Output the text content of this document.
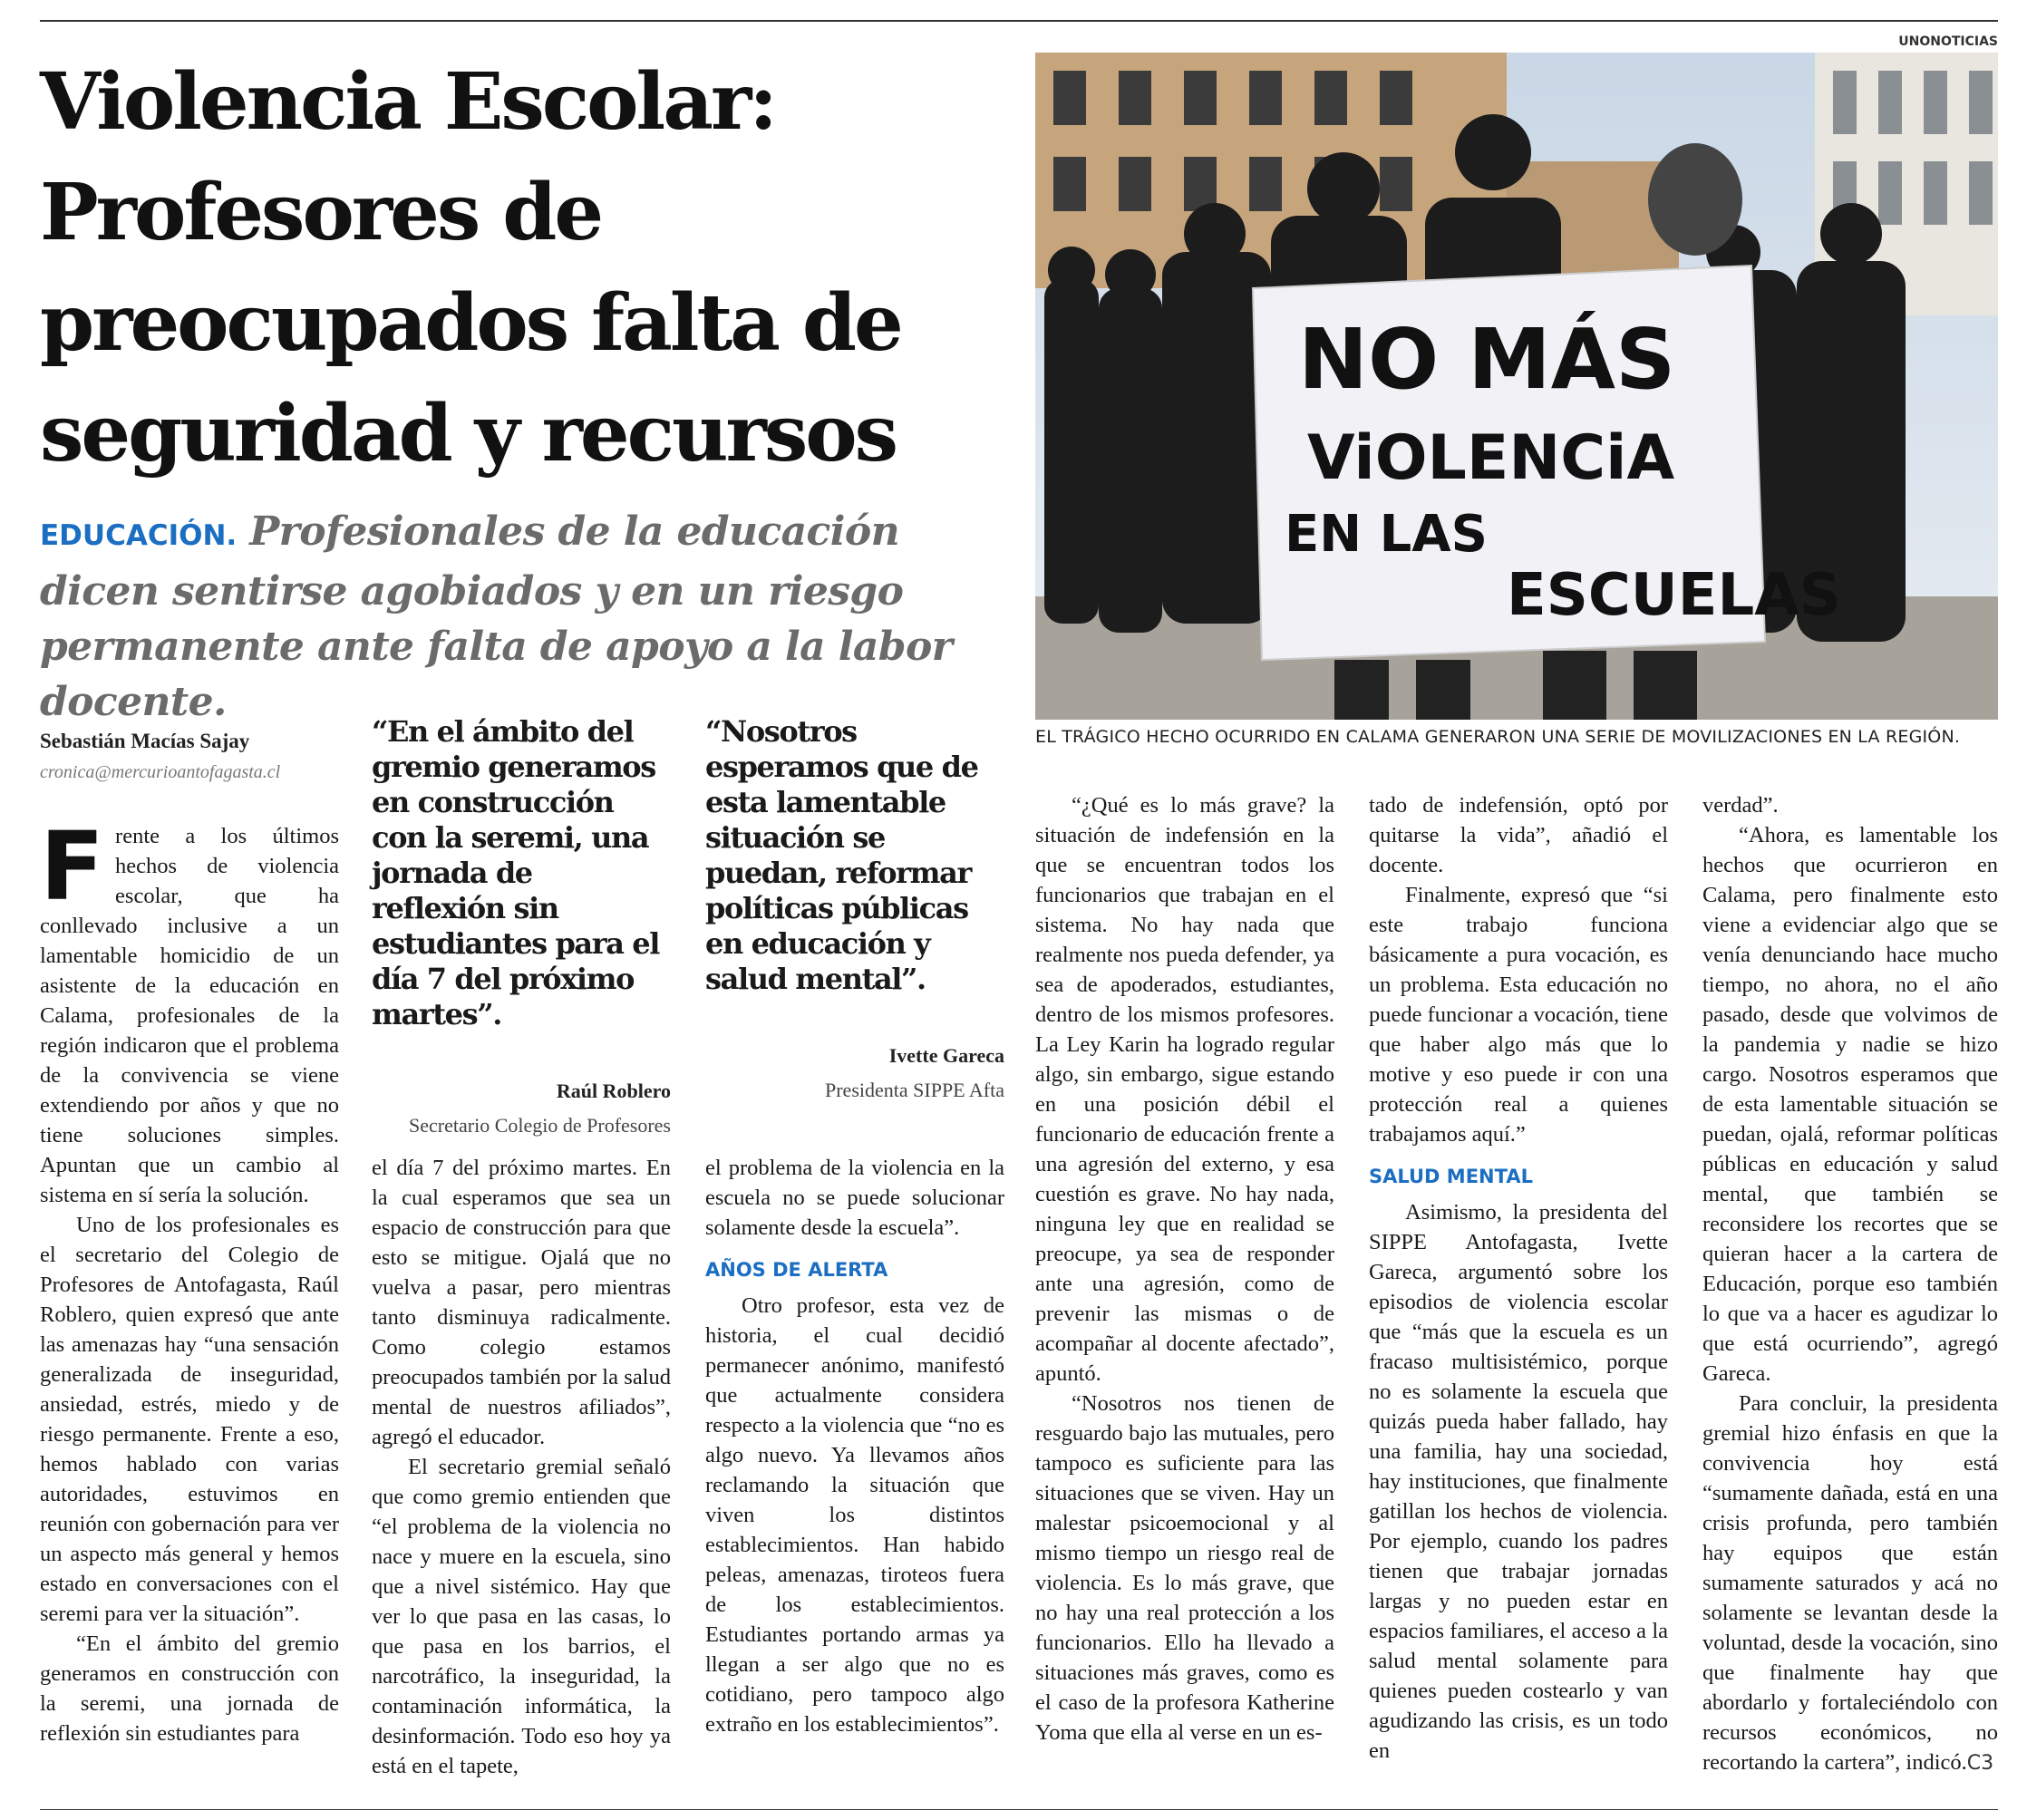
Violencia Escolar: Profesores de preocupados falta de seguridad y recursos
EDUCACIÓN. Profesionales de la educación dicen sentirse agobiados y en un riesgo permanente ante falta de apoyo a la labor docente.
Sebastián Macías Sajay
cronica@mercurioantofagasta.cl
“En el ámbito del gremio generamos en construcción con la seremi, una jornada de reflexión sin estudiantes para el día 7 del próximo martes”.
Raúl Roblero
Secretario Colegio de Profesores
“Nosotros esperamos que de esta lamentable situación se puedan, reformar políticas públicas en educación y salud mental”.
Ivette Gareca
Presidenta SIPPE Afta
UNONOTICIAS
NO MÁS
ViOLENCiA
EN LAS
ESCUELAS
EL TRÁGICO HECHO OCURRIDO EN CALAMA GENERARON UNA SERIE DE MOVILIZACIONES EN LA REGIÓN.

Frente a los últimos hechos de violencia escolar, que ha conllevado inclusive a un lamentable homicidio de un asistente de la educación en Calama, profesionales de la región indicaron que el problema de la convivencia se viene extendiendo por años y que no tiene soluciones simples. Apuntan que un cambio al sistema en sí sería la solución.

Uno de los profesionales es el secretario del Colegio de Profesores de Antofagasta, Raúl Roblero, quien expresó que ante las amenazas hay “una sensación generalizada de inseguridad, ansiedad, estrés, miedo y de riesgo permanente. Frente a eso, hemos hablado con varias autoridades, estuvimos en reunión con gobernación para ver un aspecto más general y hemos estado en conversaciones con el seremi para ver la situación”.

“En el ámbito del gremio generamos en construcción con la seremi, una jornada de reflexión sin estudiantes para

el día 7 del próximo martes. En la cual esperamos que sea un espacio de construcción para que esto se mitigue. Ojalá que no vuelva a pasar, pero mientras tanto disminuya radicalmente. Como colegio estamos preocupados también por la salud mental de nuestros afiliados”, agregó el educador.

El secretario gremial señaló que como gremio entienden que “el problema de la violencia no nace y muere en la escuela, sino que a nivel sistémico. Hay que ver lo que pasa en las casas, lo que pasa en los barrios, el narcotráfico, la inseguridad, la contaminación informática, la desinformación. Todo eso hoy ya está en el tapete,

el problema de la violencia en la escuela no se puede solucionar solamente desde la escuela”.

AÑOS DE ALERTA

Otro profesor, esta vez de historia, el cual decidió permanecer anónimo, manifestó que actualmente considera respecto a la violencia que “no es algo nuevo. Ya llevamos años reclamando la situación que viven los distintos establecimientos. Han habido peleas, amenazas, tiroteos fuera de los establecimientos. Estudiantes portando armas ya llegan a ser algo que no es cotidiano, pero tampoco algo extraño en los establecimientos”.

“¿Qué es lo más grave? la situación de indefensión en la que se encuentran todos los funcionarios que trabajan en el sistema. No hay nada que realmente nos pueda defender, ya sea de apoderados, estudiantes, dentro de los mismos profesores. La Ley Karin ha logrado regular algo, sin embargo, sigue estando en una posición débil el funcionario de educación frente a una agresión del externo, y esa cuestión es grave. No hay nada, ninguna ley que en realidad se preocupe, ya sea de responder ante una agresión, como de prevenir las mismas o de acompañar al docente afectado”, apuntó.

“Nosotros nos tienen de resguardo bajo las mutuales, pero tampoco es suficiente para las situaciones que se viven. Hay un malestar psicoemocional y al mismo tiempo un riesgo real de violencia. Es lo más grave, que no hay una real protección a los funcionarios. Ello ha llevado a situaciones más graves, como es el caso de la profesora Katherine Yoma que ella al verse en un es-

tado de indefensión, optó por quitarse la vida”, añadió el docente.

Finalmente, expresó que “si este trabajo funciona básicamente a pura vocación, es un problema. Esta educación no puede funcionar a vocación, tiene que haber algo más que lo motive y eso puede ir con una protección real a quienes trabajamos aquí.”

SALUD MENTAL

Asimismo, la presidenta del SIPPE Antofagasta, Ivette Gareca, argumentó sobre los episodios de violencia escolar que “más que la escuela es un fracaso multisistémico, porque no es solamente la escuela que quizás pueda haber fallado, hay una familia, hay una sociedad, hay instituciones, que finalmente gatillan los hechos de violencia. Por ejemplo, cuando los padres tienen que trabajar jornadas largas y no pueden estar en espacios familiares, el acceso a la salud mental solamente para quienes pueden costearlo y van agudizando las crisis, es un todo en

verdad”.

“Ahora, es lamentable los hechos que ocurrieron en Calama, pero finalmente esto viene a evidenciar algo que se venía denunciando hace mucho tiempo, no ahora, no el año pasado, desde que volvimos de la pandemia y nadie se hizo cargo. Nosotros esperamos que de esta lamentable situación se puedan, ojalá, reformar políticas públicas en educación y salud mental, que también se reconsidere los recortes que se quieran hacer a la cartera de Educación, porque eso también lo que va a hacer es agudizar lo que está ocurriendo”, agregó Gareca.

Para concluir, la presidenta gremial hizo énfasis en que la convivencia hoy está “sumamente dañada, está en una crisis profunda, pero también hay equipos que están sumamente saturados y acá no solamente se levantan desde la voluntad, desde la vocación, sino que finalmente hay que abordarlo y fortaleciéndolo con recursos económicos, no recortando la cartera”, indicó.C3
